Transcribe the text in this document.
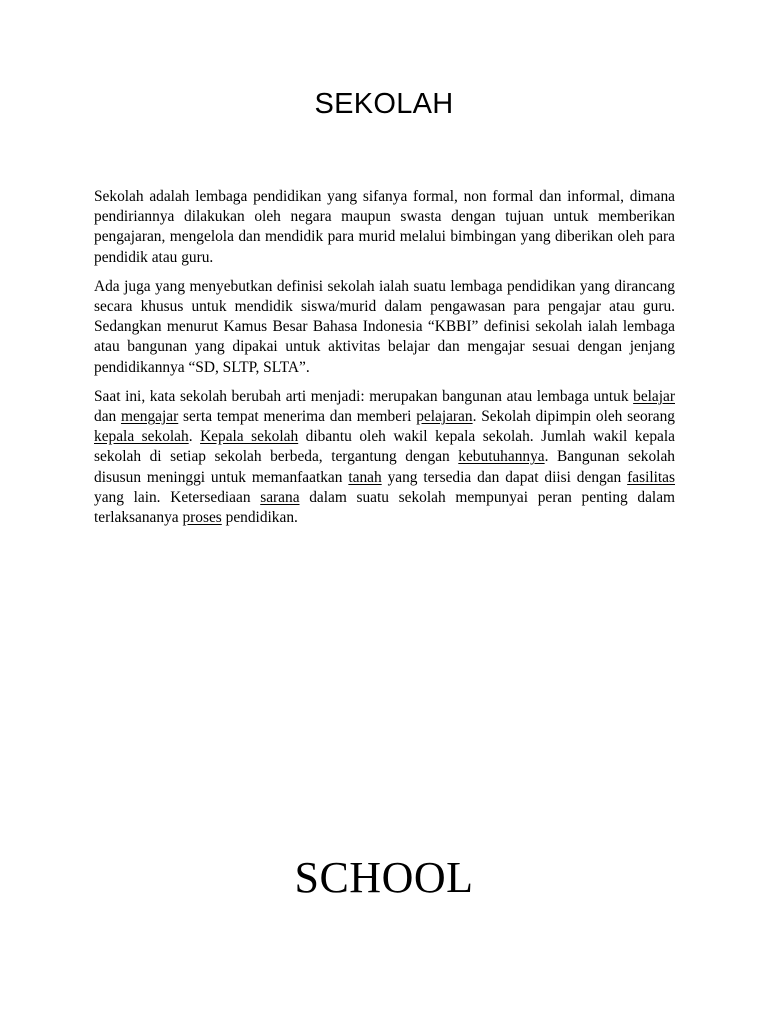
SEKOLAH

Sekolah adalah lembaga pendidikan yang sifanya formal, non formal dan informal, dimana pendiriannya dilakukan oleh negara maupun swasta dengan tujuan untuk memberikan pengajaran, mengelola dan mendidik para murid melalui bimbingan yang diberikan oleh para pendidik atau guru.

Ada juga yang menyebutkan definisi sekolah ialah suatu lembaga pendidikan yang dirancang secara khusus untuk mendidik siswa/murid dalam pengawasan para pengajar atau guru. Sedangkan menurut Kamus Besar Bahasa Indonesia “KBBI” definisi sekolah ialah lembaga atau bangunan yang dipakai untuk aktivitas belajar dan mengajar sesuai dengan jenjang pendidikannya “SD, SLTP, SLTA”.

Saat ini, kata sekolah berubah arti menjadi: merupakan bangunan atau lembaga untuk belajar dan mengajar serta tempat menerima dan memberi pelajaran. Sekolah dipimpin oleh seorang kepala sekolah. Kepala sekolah dibantu oleh wakil kepala sekolah. Jumlah wakil kepala sekolah di setiap sekolah berbeda, tergantung dengan kebutuhannya. Bangunan sekolah disusun meninggi untuk memanfaatkan tanah yang tersedia dan dapat diisi dengan fasilitas yang lain. Ketersediaan sarana dalam suatu sekolah mempunyai peran penting dalam terlaksananya proses pendidikan.

SCHOOL
